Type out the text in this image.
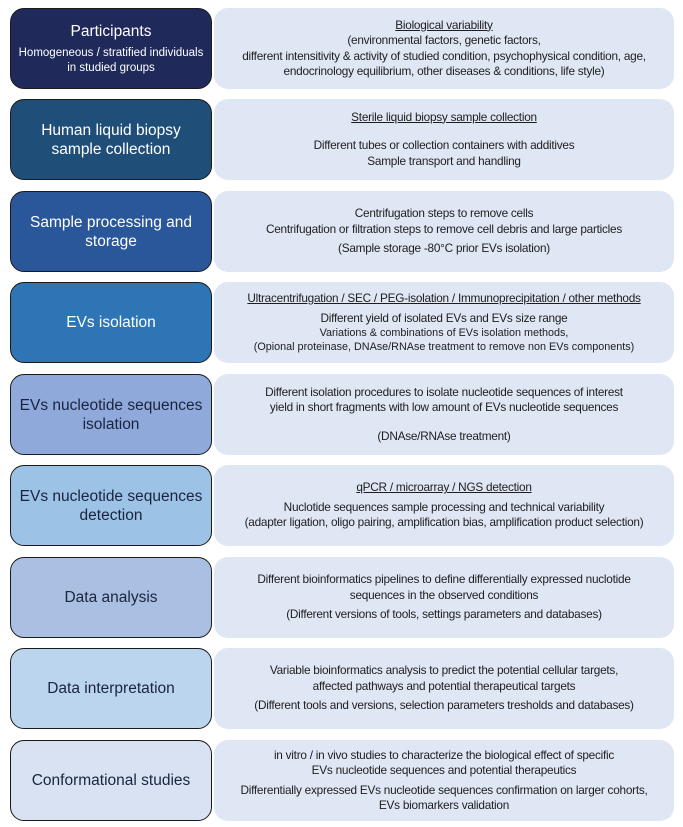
Participants
Homogeneous / stratified individuals
in studied groups
Biological variability
(environmental factors, genetic factors,
different intensitivity & activity of studied condition, psychophysical condition, age,
endocrinology equilibrium, other diseases & conditions, life style)
Human liquid biopsy
sample collection
Sterile liquid biopsy sample collection
Different tubes or collection containers with additives
Sample transport and handling
Sample processing and
storage
Centrifugation steps to remove cells
Centrifugation or filtration steps to remove cell debris and large particles
(Sample storage -80°C prior EVs isolation)
EVs isolation
Ultracentrifugation / SEC / PEG-isolation / Immunoprecipitation / other methods
Different yield of isolated EVs and EVs size range
Variations & combinations of EVs isolation methods,
(Opional proteinase, DNAse/RNAse treatment to remove non EVs components)
EVs nucleotide sequences
isolation
Different isolation procedures to isolate nucleotide sequences of interest
yield in short fragments with low amount of EVs nucleotide sequences
(DNAse/RNAse treatment)
EVs nucleotide sequences
detection
qPCR / microarray / NGS detection
Nuclotide sequences sample processing and technical variability
(adapter ligation, oligo pairing, amplification bias, amplification product selection)
Data analysis
Different bioinformatics pipelines to define differentially expressed nuclotide
sequences in the observed conditions
(Different versions of tools, settings parameters and databases)
Data interpretation
Variable bioinformatics analysis to predict the potential cellular targets,
affected pathways and potential therapeutical targets
(Different tools and versions, selection parameters tresholds and databases)
Conformational studies
in vitro / in vivo studies to characterize the biological effect of specific
EVs nucleotide sequences and potential therapeutics
Differentially expressed EVs nucleotide sequences confirmation on larger cohorts,
EVs biomarkers validation
